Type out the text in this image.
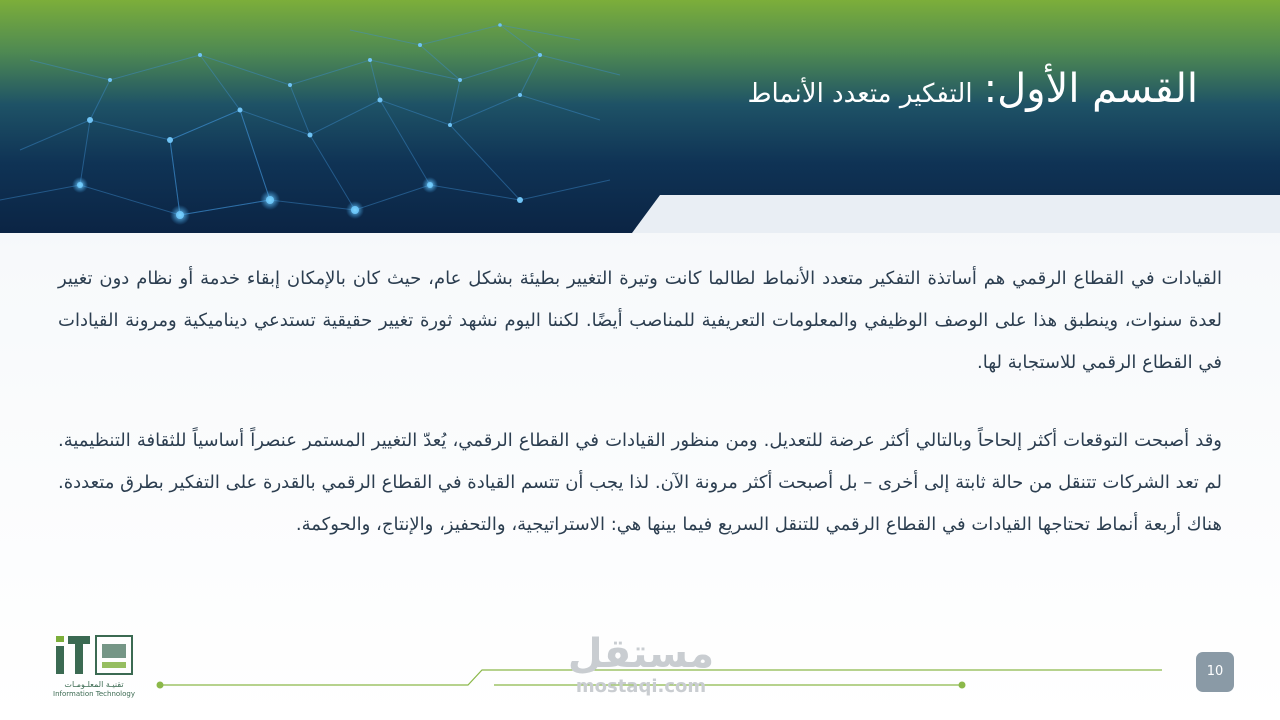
القسم الأول: التفكير متعدد الأنماط

القيادات في القطاع الرقمي هم أساتذة التفكير متعدد الأنماط لطالما كانت وتيرة التغيير بطيئة بشكل عام، حيث كان بالإمكان إبقاء خدمة أو نظام دون تغيير لعدة سنوات، وينطبق هذا على الوصف الوظيفي والمعلومات التعريفية للمناصب أيضًا. لكننا اليوم نشهد ثورة تغيير حقيقية تستدعي ديناميكية ومرونة القيادات في القطاع الرقمي للاستجابة لها.

وقد أصبحت التوقعات أكثر إلحاحاً وبالتالي أكثر عرضة للتعديل. ومن منظور القيادات في القطاع الرقمي، يُعدّ التغيير المستمر عنصراً أساسياً للثقافة التنظيمية. لم تعد الشركات تتنقل من حالة ثابتة إلى أخرى – بل أصبحت أكثر مرونة الآن. لذا يجب أن تتسم القيادة في القطاع الرقمي بالقدرة على التفكير بطرق متعددة. هناك أربعة أنماط تحتاجها القيادات في القطاع الرقمي للتنقل السريع فيما بينها هي: الاستراتيجية، والتحفيز، والإنتاج، والحوكمة.

تقنيـة المعلـومـات
Information Technology
مستقل
mostaqi.com
10
